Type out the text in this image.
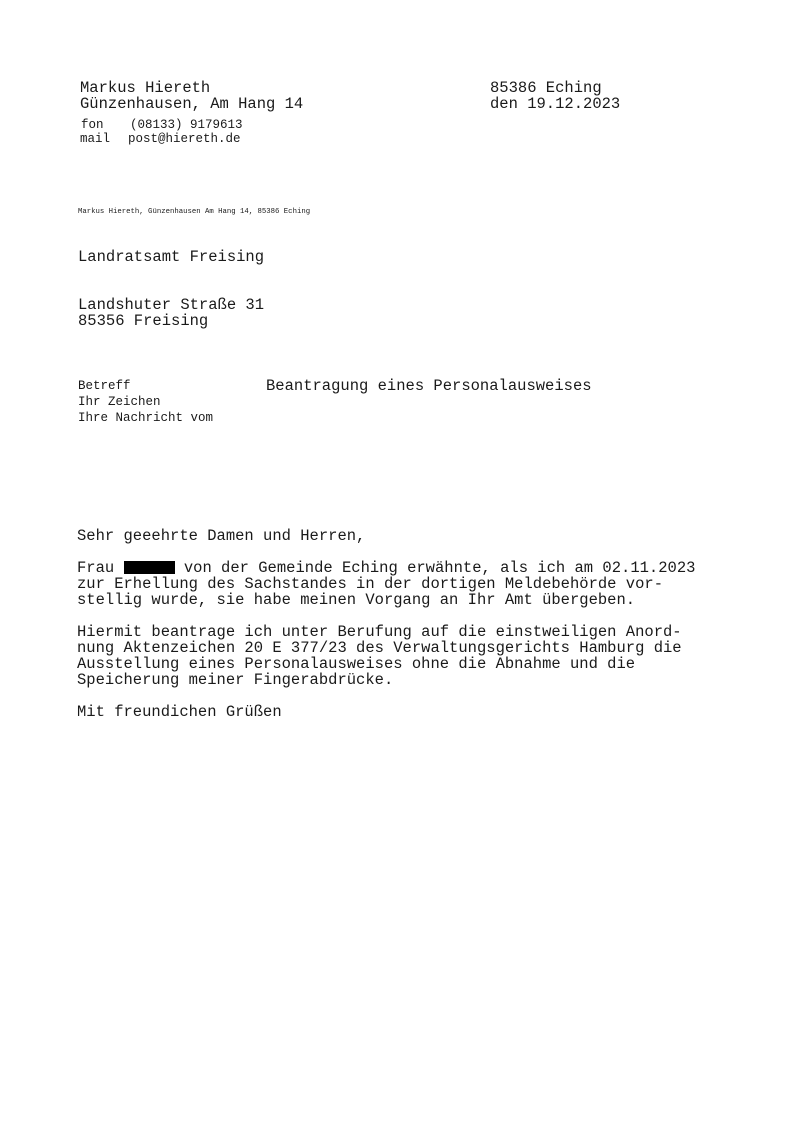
Markus Hiereth
Günzenhausen, Am Hang 14
fon (08133) 9179613
mail post@hiereth.de
85386 Eching
den 19.12.2023
Markus Hiereth, Günzenhausen Am Hang 14, 85386 Eching
Landratsamt Freising
Landshuter Straße 31
85356 Freising
Betreff	Beantragung eines Personalausweises
Ihr Zeichen
Ihre Nachricht vom
Sehr geeehrte Damen und Herren,
Frau	von der Gemeinde Eching erwähnte, als ich am 02.11.2023
zur Erhellung des Sachstandes in der dortigen Meldebehörde vor-
stellig wurde, sie habe meinen Vorgang an Ihr Amt übergeben.
Hiermit beantrage ich unter Berufung auf die einstweiligen Anord-
nung Aktenzeichen 20 E 377/23 des Verwaltungsgerichts Hamburg die
Ausstellung eines Personalausweises ohne die Abnahme und die
Speicherung meiner Fingerabdrücke.
Mit freundichen Grüßen
